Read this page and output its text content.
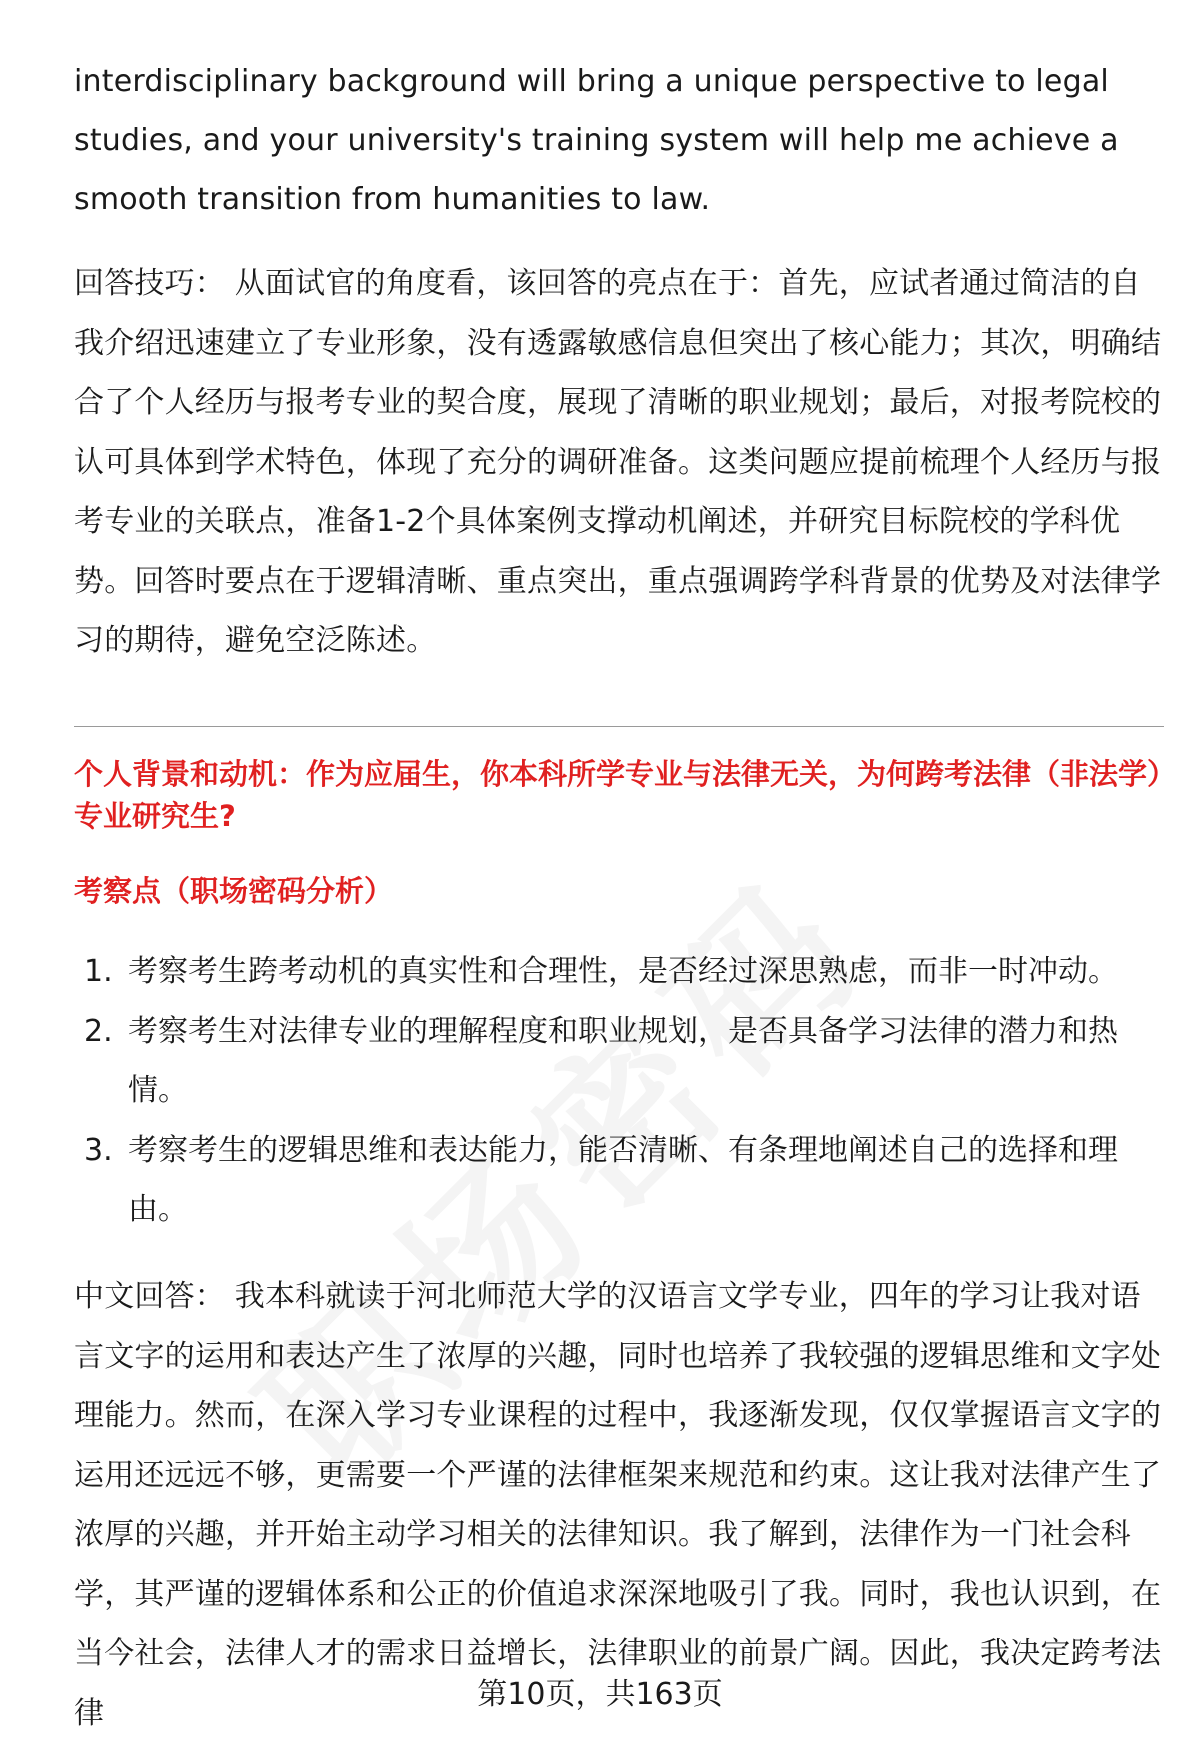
interdisciplinary background will bring a unique perspective to legal studies, and your university's training system will help me achieve a smooth transition from humanities to law.

回答技巧： 从面试官的角度看，该回答的亮点在于：首先，应试者通过简洁的自我介绍迅速建立了专业形象，没有透露敏感信息但突出了核心能力；其次，明确结合了个人经历与报考专业的契合度，展现了清晰的职业规划；最后，对报考院校的认可具体到学术特色，体现了充分的调研准备。这类问题应提前梳理个人经历与报考专业的关联点，准备1-2个具体案例支撑动机阐述，并研究目标院校的学科优势。回答时要点在于逻辑清晰、重点突出，重点强调跨学科背景的优势及对法律学习的期待，避免空泛陈述。

个人背景和动机：作为应届生，你本科所学专业与法律无关，为何跨考法律（非法学）专业研究生?
考察点（职场密码分析）
1. 考察考生跨考动机的真实性和合理性，是否经过深思熟虑，而非一时冲动。
2. 考察考生对法律专业的理解程度和职业规划，是否具备学习法律的潜力和热情。
3. 考察考生的逻辑思维和表达能力，能否清晰、有条理地阐述自己的选择和理由。

中文回答： 我本科就读于河北师范大学的汉语言文学专业，四年的学习让我对语言文字的运用和表达产生了浓厚的兴趣，同时也培养了我较强的逻辑思维和文字处理能力。然而，在深入学习专业课程的过程中，我逐渐发现，仅仅掌握语言文字的运用还远远不够，更需要一个严谨的法律框架来规范和约束。这让我对法律产生了浓厚的兴趣，并开始主动学习相关的法律知识。我了解到，法律作为一门社会科学，其严谨的逻辑体系和公正的价值追求深深地吸引了我。同时，我也认识到，在当今社会，法律人才的需求日益增长，法律职业的前景广阔。因此，我决定跨考法律

第10页，共163页
